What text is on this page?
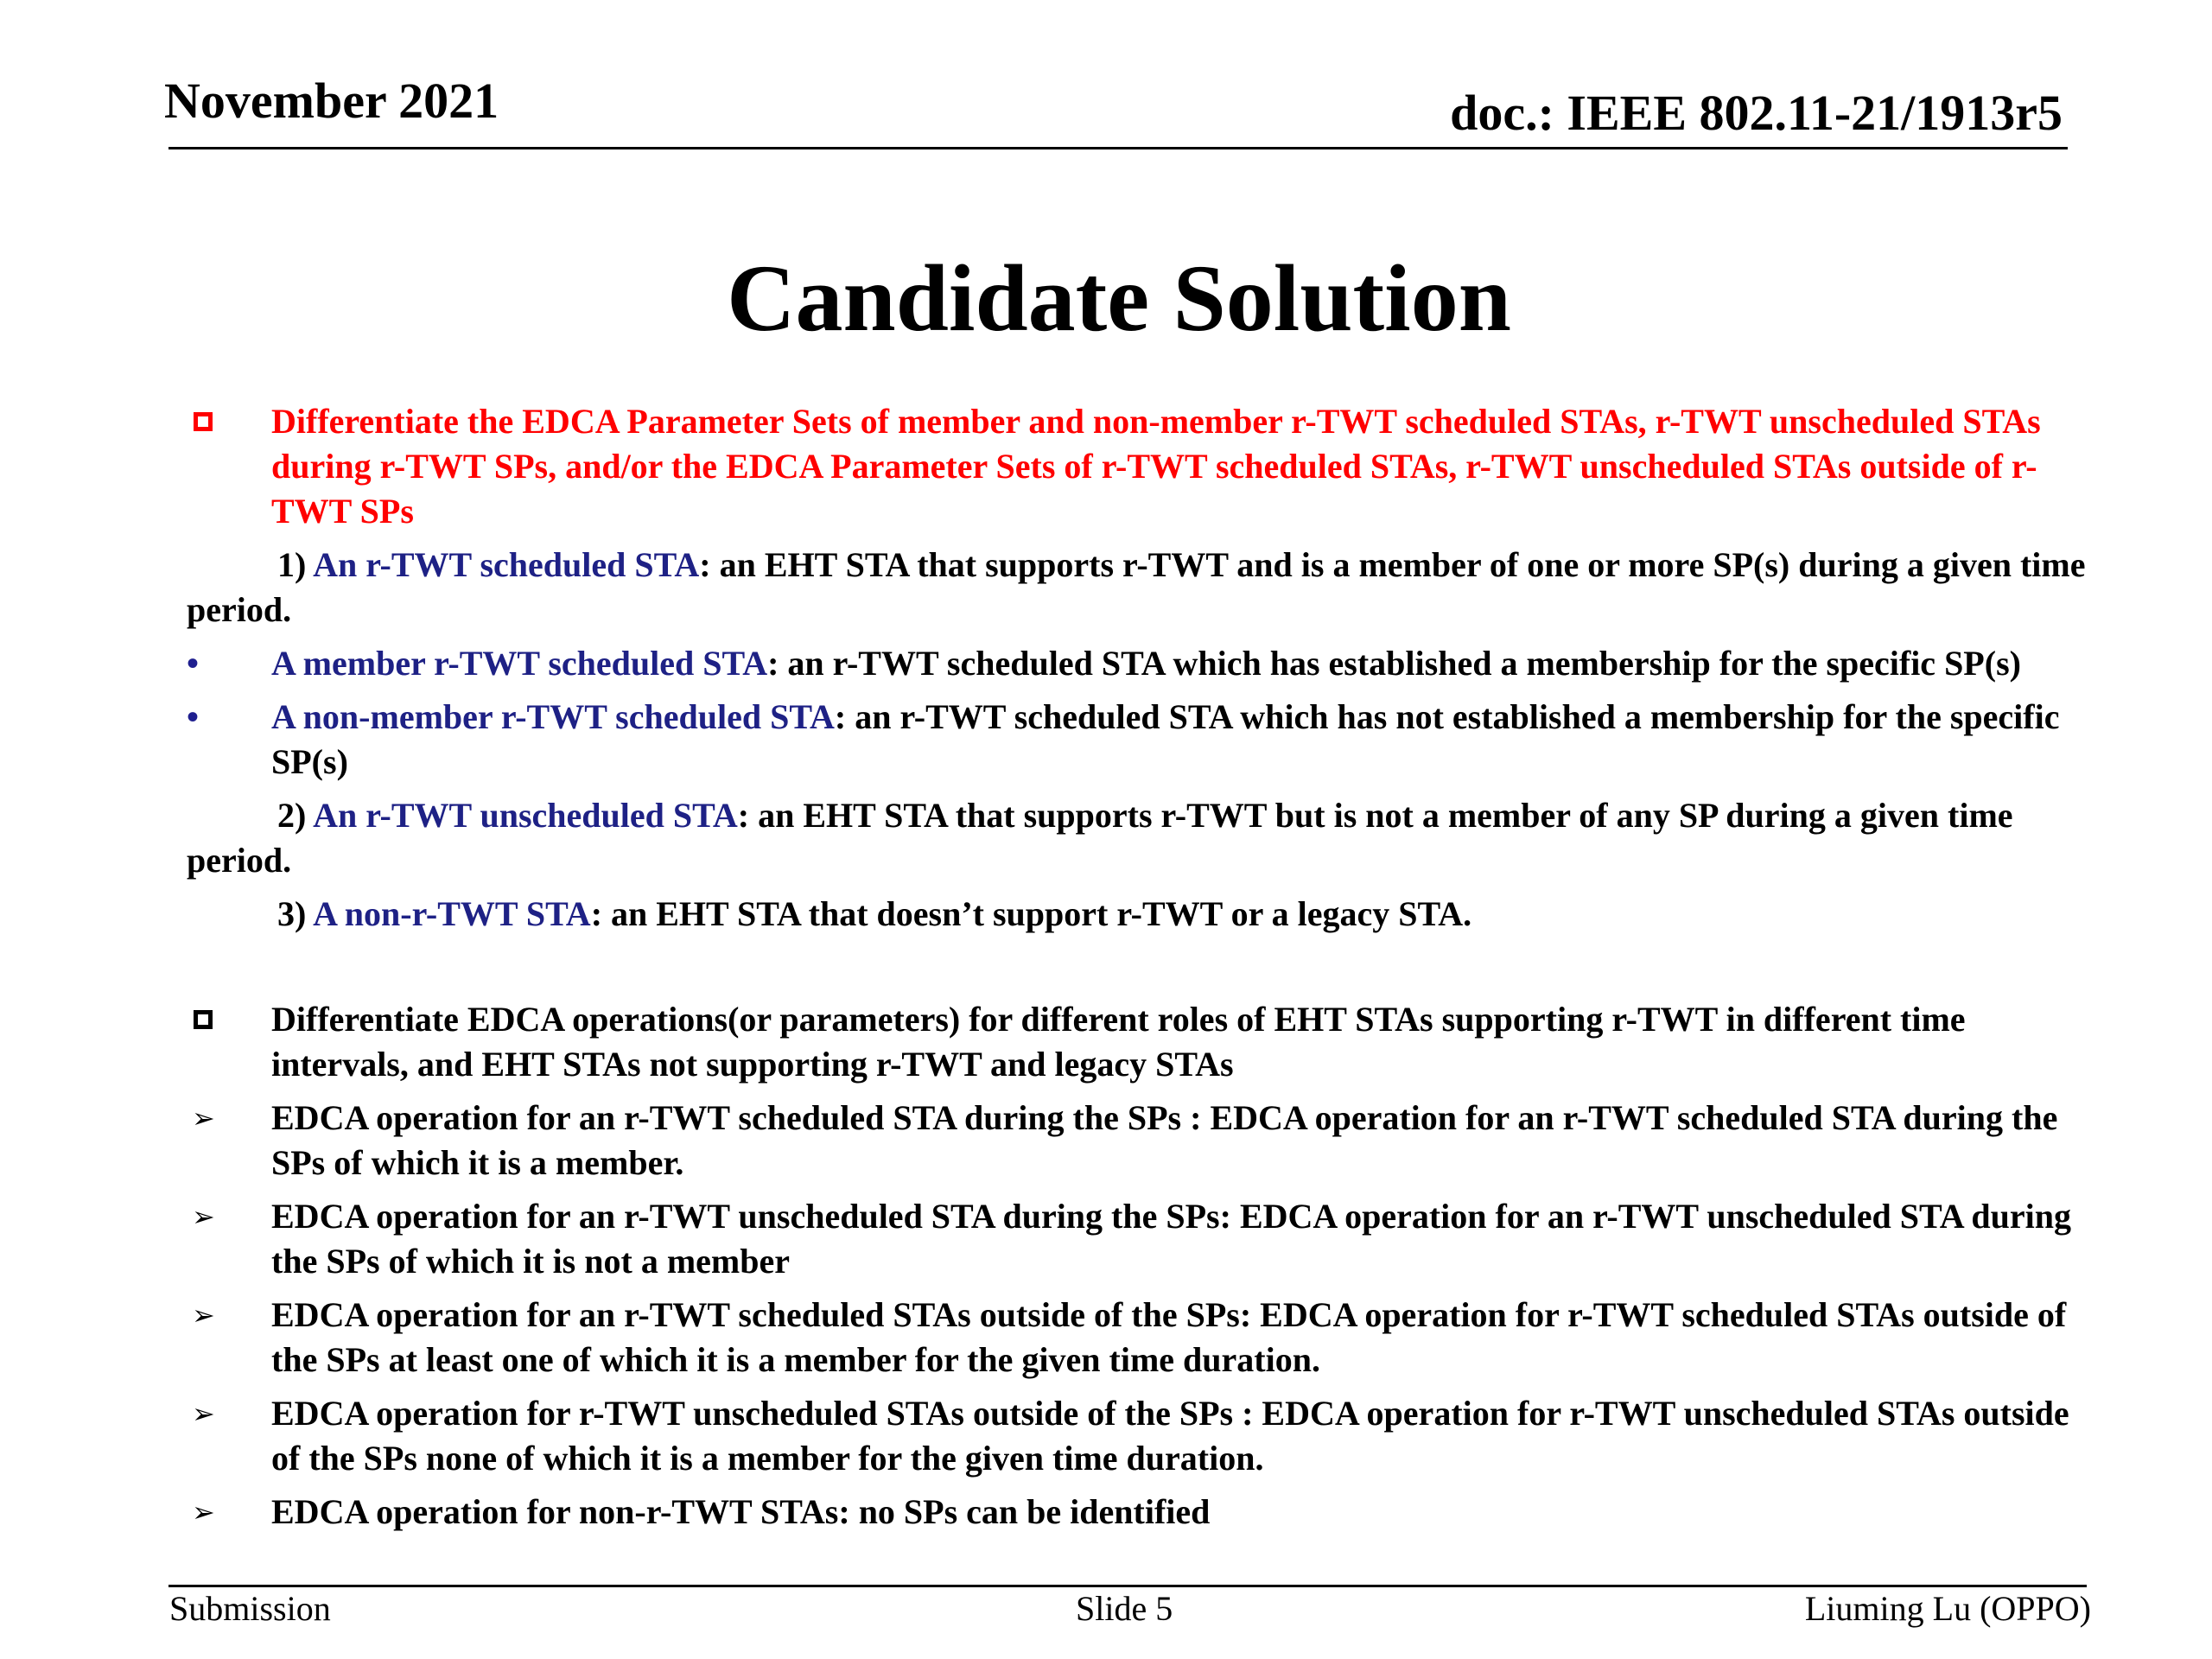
November 2021	doc.: IEEE 802.11-21/1913r5
Candidate Solution
Differentiate the EDCA Parameter Sets of member and non-member r-TWT scheduled STAs, r-TWT unscheduled STAs during r-TWT SPs, and/or the EDCA Parameter Sets of r-TWT scheduled STAs, r-TWT unscheduled STAs outside of r-TWT SPs
1) An r-TWT scheduled STA: an EHT STA that supports r-TWT and is a member of one or more SP(s) during a given time period.
• A member r-TWT scheduled STA: an r-TWT scheduled STA which has established a membership for the specific SP(s)
• A non-member r-TWT scheduled STA: an r-TWT scheduled STA which has not established a membership for the specific SP(s)
2) An r-TWT unscheduled STA: an EHT STA that supports r-TWT but is not a member of any SP during a given time period.
3) A non-r-TWT STA: an EHT STA that doesn’t support r-TWT or a legacy STA.
Differentiate EDCA operations(or parameters) for different roles of EHT STAs supporting r-TWT in different time intervals, and EHT STAs not supporting r-TWT and legacy STAs
➢ EDCA operation for an r-TWT scheduled STA during the SPs : EDCA operation for an r-TWT scheduled STA during the SPs of which it is a member.
➢ EDCA operation for an r-TWT unscheduled STA during the SPs: EDCA operation for an r-TWT unscheduled STA during the SPs of which it is not a member
➢ EDCA operation for an r-TWT scheduled STAs outside of the SPs: EDCA operation for r-TWT scheduled STAs outside of the SPs at least one of which it is a member for the given time duration.
➢ EDCA operation for r-TWT unscheduled STAs outside of the SPs : EDCA operation for r-TWT unscheduled STAs outside of the SPs none of which it is a member for the given time duration.
➢ EDCA operation for non-r-TWT STAs: no SPs can be identified
Submission	Slide 5	Liuming Lu (OPPO)
